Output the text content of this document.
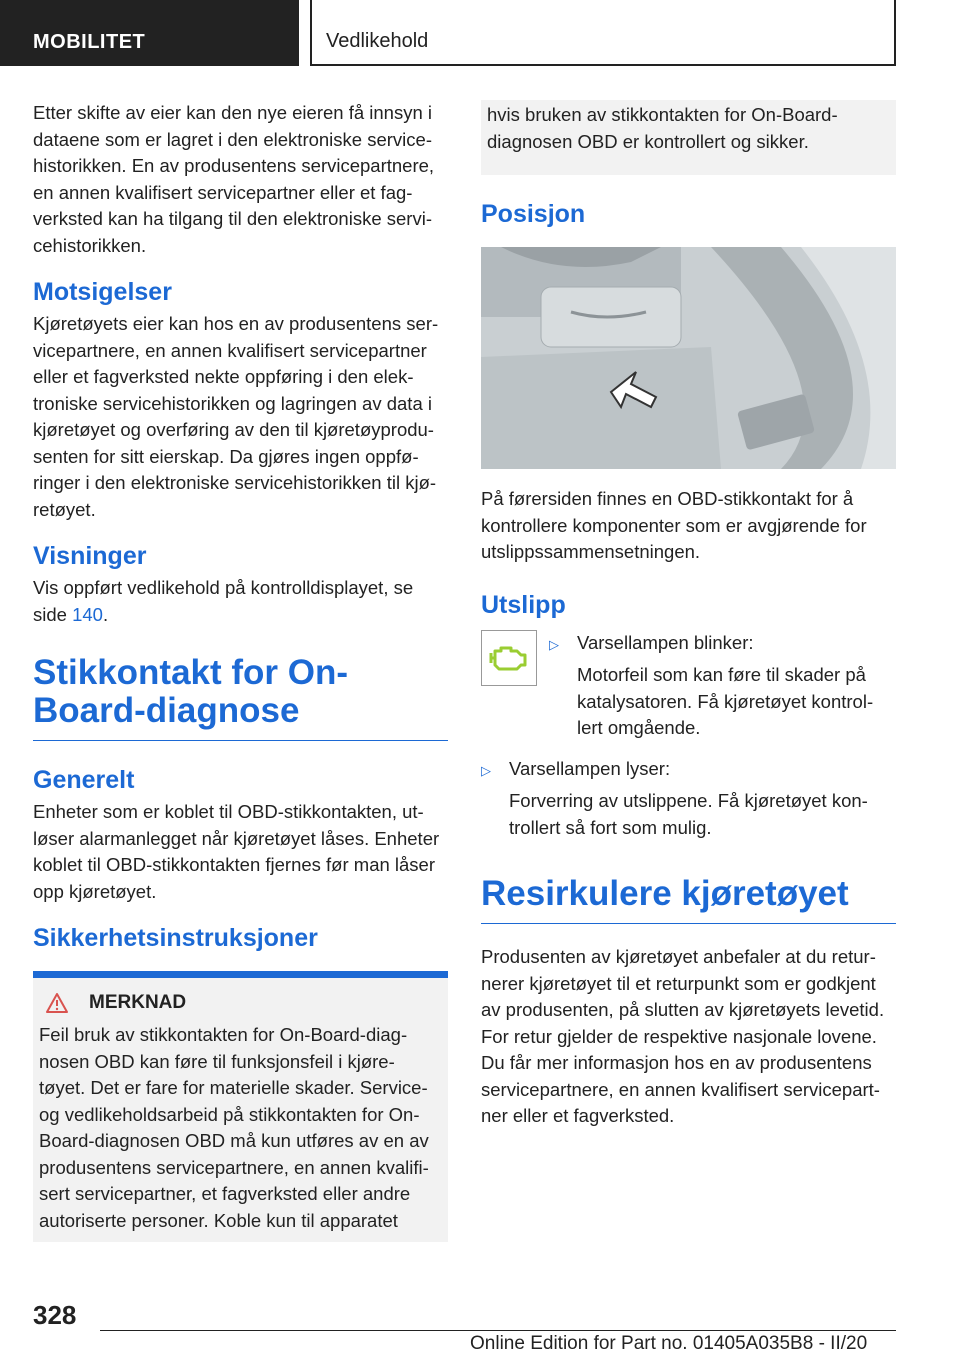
MOBILITET	Vedlikehold

Etter skifte av eier kan den nye eieren få innsyn i dataene som er lagret i den elektroniske service-historikken. En av produsentens servicepartnere, en annen kvalifisert servicepartner eller et fag-verksted kan ha tilgang til den elektroniske servi-cehistorikken.

Motsigelser

Kjøretøyets eier kan hos en av produsentens ser-vicepartnere, en annen kvalifisert servicepartner eller et fagverksted nekte oppføring i den elek-troniske servicehistorikken og lagringen av data i kjøretøyet og overføring av den til kjøretøyprodu-senten for sitt eierskap. Da gjøres ingen oppfø-ringer i den elektroniske servicehistorikken til kjø-retøyet.

Visninger

Vis oppført vedlikehold på kontrolldisplayet, se side 140.

Stikkontakt for On-Board-diagnose
Generelt

Enheter som er koblet til OBD-stikkontakten, ut-løser alarmanlegget når kjøretøyet låses. Enheter koblet til OBD-stikkontakten fjernes før man låser opp kjøretøyet.

Sikkerhetsinstruksjoner
MERKNAD

Feil bruk av stikkontakten for On-Board-diag-nosen OBD kan føre til funksjonsfeil i kjøre-tøyet. Det er fare for materielle skader. Service- og vedlikeholdsarbeid på stikkontakten for On-Board-diagnosen OBD må kun utføres av en av produsentens servicepartnere, en annen kvalifi-sert servicepartner, et fagverksted eller andre autoriserte personer. Koble kun til apparatet

hvis bruken av stikkontakten for On-Board-diagnosen OBD er kontrollert og sikker.

Posisjon

På førersiden finnes en OBD-stikkontakt for å kontrollere komponenter som er avgjørende for utslippssammensetningen.

Utslipp
▷ Varsellampen blinker:
Motorfeil som kan føre til skader på katalysatoren. Få kjøretøyet kontrol-lert omgående.
▷ Varsellampen lyser:
Forverring av utslippene. Få kjøretøyet kon-trollert så fort som mulig.
Resirkulere kjøretøyet

Produsenten av kjøretøyet anbefaler at du retur-nerer kjøretøyet til et returpunkt som er godkjent av produsenten, på slutten av kjøretøyets levetid. For retur gjelder de respektive nasjonale lovene. Du får mer informasjon hos en av produsentens servicepartnere, en annen kvalifisert servicepart-ner eller et fagverksted.

328
Online Edition for Part no. 01405A035B8 - II/20
